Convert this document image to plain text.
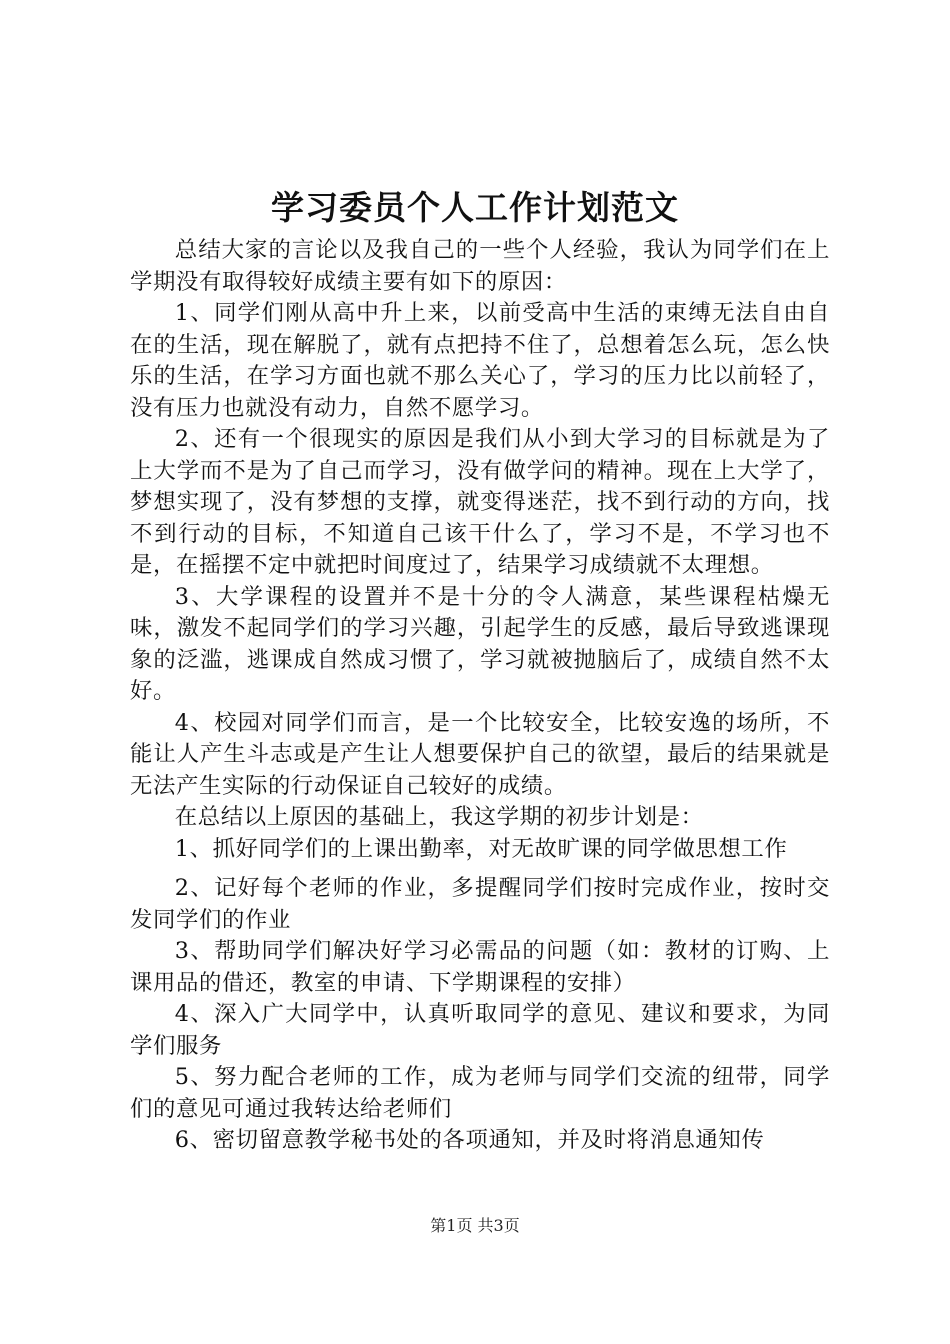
学习委员个人工作计划范文

总结大家的言论以及我自己的一些个人经验，我认为同学们在上学期没有取得较好成绩主要有如下的原因：

1、同学们刚从高中升上来，以前受高中生活的束缚无法自由自在的生活，现在解脱了，就有点把持不住了，总想着怎么玩，怎么快乐的生活，在学习方面也就不那么关心了，学习的压力比以前轻了，没有压力也就没有动力，自然不愿学习。

2、还有一个很现实的原因是我们从小到大学习的目标就是为了上大学而不是为了自己而学习，没有做学问的精神。现在上大学了，梦想实现了，没有梦想的支撑，就变得迷茫，找不到行动的方向，找不到行动的目标，不知道自己该干什么了，学习不是，不学习也不是，在摇摆不定中就把时间度过了，结果学习成绩就不太理想。

3、大学课程的设置并不是十分的令人满意，某些课程枯燥无味，激发不起同学们的学习兴趣，引起学生的反感，最后导致逃课现象的泛滥，逃课成自然成习惯了，学习就被抛脑后了，成绩自然不太好。

4、校园对同学们而言，是一个比较安全，比较安逸的场所，不能让人产生斗志或是产生让人想要保护自己的欲望，最后的结果就是无法产生实际的行动保证自己较好的成绩。

在总结以上原因的基础上，我这学期的初步计划是：

1、抓好同学们的上课出勤率，对无故旷课的同学做思想工作

2、记好每个老师的作业，多提醒同学们按时完成作业，按时交发同学们的作业

3、帮助同学们解决好学习必需品的问题（如：教材的订购、上课用品的借还，教室的申请、下学期课程的安排）

4、深入广大同学中，认真听取同学的意见、建议和要求，为同学们服务

5、努力配合老师的工作，成为老师与同学们交流的纽带，同学们的意见可通过我转达给老师们

6、密切留意教学秘书处的各项通知，并及时将消息通知传

第1页 共3页
